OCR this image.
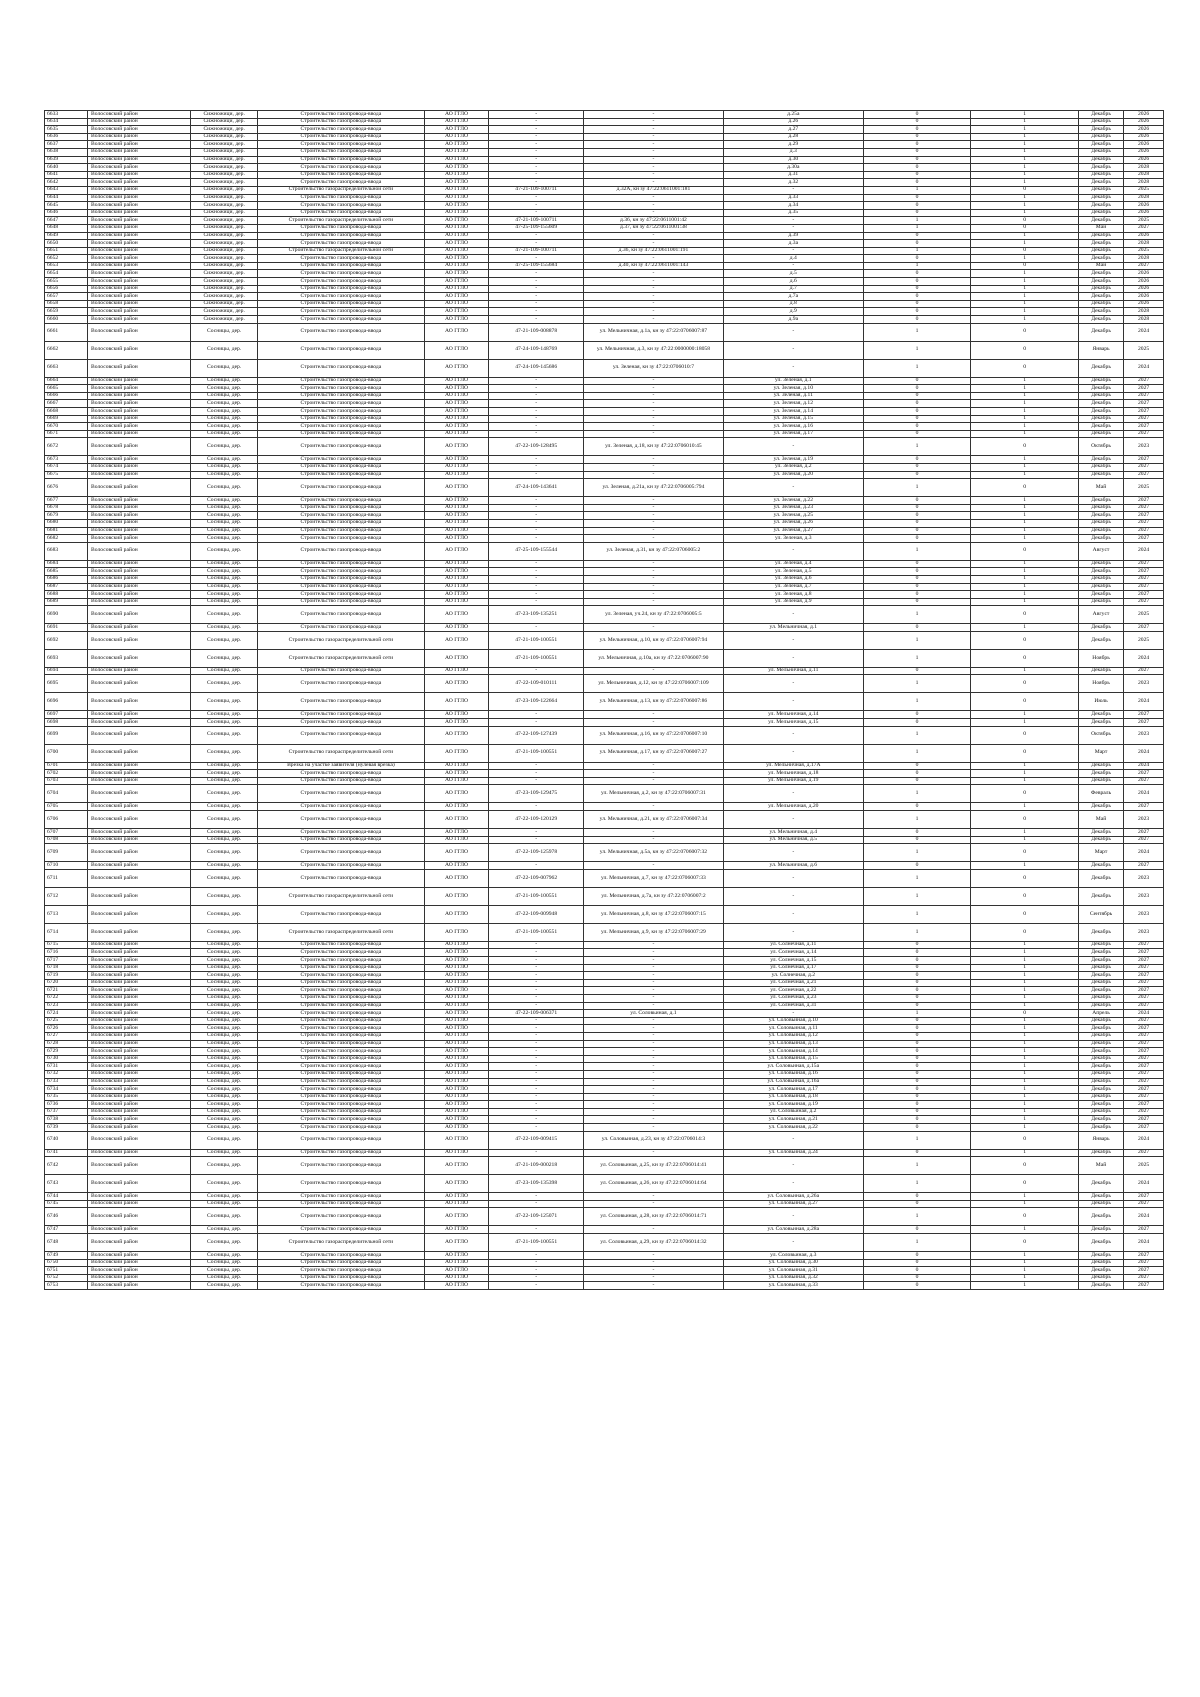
6633	Волосовский район	Сижножици, дер.	Строительство газопровода-ввода	АО ГГЛО	-	-	д.25а	0	1	Декабрь	2026
6634	Волосовский район	Сижножици, дер.	Строительство газопровода-ввода	АО ГГЛО	-	-	д.26	0	1	Декабрь	2026
6635	Волосовский район	Сижножици, дер.	Строительство газопровода-ввода	АО ГГЛО	-	-	д.27	0	1	Декабрь	2026
6636	Волосовский район	Сижножици, дер.	Строительство газопровода-ввода	АО ГГЛО	-	-	д.28	0	1	Декабрь	2026
6637	Волосовский район	Сижножици, дер.	Строительство газопровода-ввода	АО ГГЛО	-	-	д.29	0	1	Декабрь	2026
6638	Волосовский район	Сижножици, дер.	Строительство газопровода-ввода	АО ГГЛО	-	-	д.3	0	1	Декабрь	2026
6639	Волосовский район	Сижножици, дер.	Строительство газопровода-ввода	АО ГГЛО	-	-	д.30	0	1	Декабрь	2026
6640	Волосовский район	Сижножици, дер.	Строительство газопровода-ввода	АО ГГЛО	-	-	д.30а	0	1	Декабрь	2028
6641	Волосовский район	Сижножици, дер.	Строительство газопровода-ввода	АО ГГЛО	-	-	д.31	0	1	Декабрь	2028
6642	Волосовский район	Сижножици, дер.	Строительство газопровода-ввода	АО ГГЛО	-	-	д.32	0	1	Декабрь	2028
6643	Волосовский район	Сижножици, дер.	Строительство газораспределительной сети	АО ГГЛО	47-21-109-100711	д.32А, кн зу 47:22:0611001:181	-	1	0	Декабрь	2025
6644	Волосовский район	Сижножици, дер.	Строительство газопровода-ввода	АО ГГЛО	-	-	д.33	0	1	Декабрь	2028
6645	Волосовский район	Сижножици, дер.	Строительство газопровода-ввода	АО ГГЛО	-	-	д.34	0	1	Декабрь	2026
6646	Волосовский район	Сижножици, дер.	Строительство газопровода-ввода	АО ГГЛО	-	-	д.35	0	1	Декабрь	2026
6647	Волосовский район	Сижножици, дер.	Строительство газораспределительной сети	АО ГГЛО	47-21-109-100711	д.36, кн зу 47:22:0611001:42	-	1	0	Декабрь	2025
6648	Волосовский район	Сижножици, дер.	Строительство газопровода-ввода	АО ГГЛО	47-25-109-155609	д.37, кн зу 47:22:0611001:38	-	1	0	Май	2027
6649	Волосовский район	Сижножици, дер.	Строительство газопровода-ввода	АО ГГЛО	-	-	д.39	0	1	Декабрь	2026
6650	Волосовский район	Сижножици, дер.	Строительство газопровода-ввода	АО ГГЛО	-	-	д.3а	0	1	Декабрь	2028
6651	Волосовский район	Сижножици, дер.	Строительство газораспределительной сети	АО ГГЛО	47-21-109-100711	д.36, кн зу 47:22:0611001:191	-	1	0	Декабрь	2025
6652	Волосовский район	Сижножици, дер.	Строительство газопровода-ввода	АО ГГЛО	-	-	д.4	0	1	Декабрь	2028
6653	Волосовский район	Сижножици, дер.	Строительство газопровода-ввода	АО ГГЛО	47-25-109-155684	д.40, кн зу 47:22:0611001:143	-	1	0	Май	2027
6654	Волосовский район	Сижножици, дер.	Строительство газопровода-ввода	АО ГГЛО	-	-	д.5	0	1	Декабрь	2026
6655	Волосовский район	Сижножици, дер.	Строительство газопровода-ввода	АО ГГЛО	-	-	д.6	0	1	Декабрь	2026
6656	Волосовский район	Сижножици, дер.	Строительство газопровода-ввода	АО ГГЛО	-	-	д.7	0	1	Декабрь	2026
6657	Волосовский район	Сижножици, дер.	Строительство газопровода-ввода	АО ГГЛО	-	-	д.7а	0	1	Декабрь	2026
6658	Волосовский район	Сижножици, дер.	Строительство газопровода-ввода	АО ГГЛО	-	-	д.8	0	1	Декабрь	2026
6659	Волосовский район	Сижножици, дер.	Строительство газопровода-ввода	АО ГГЛО	-	-	д.9	0	1	Декабрь	2028
6660	Волосовский район	Сижножици, дер.	Строительство газопровода-ввода	АО ГГЛО	-	-	д.9а	0	1	Декабрь	2028
6661	Волосовский район	Сосницы, дер.	Строительство газопровода-ввода	АО ГГЛО	47-21-109-008878	ул. Мельничная, д.1а, кн зу 47:22:0706007:87	-	1	0	Декабрь	2024
6662	Волосовский район	Сосницы, дер.	Строительство газопровода-ввода	АО ГГЛО	47-24-109-148769	ул. Мельничная, д.3, кн зу 47:22:0000000:18058	-	1	0	Январь	2025
6663	Волосовский район	Сосницы, дер.	Строительство газопровода-ввода	АО ГГЛО	47-24-109-145686	ул. Зеленая, кн зу 47:22:0706010:7	-	1	0	Декабрь	2024
6664	Волосовский район	Сосницы, дер.	Строительство газопровода-ввода	АО ГГЛО	-	-	ул. Зеленая, д.1	0	1	Декабрь	2027
6665	Волосовский район	Сосницы, дер.	Строительство газопровода-ввода	АО ГГЛО	-	-	ул. Зеленая, д.10	0	1	Декабрь	2027
6666	Волосовский район	Сосницы, дер.	Строительство газопровода-ввода	АО ГГЛО	-	-	ул. Зеленая, д.11	0	1	Декабрь	2027
6667	Волосовский район	Сосницы, дер.	Строительство газопровода-ввода	АО ГГЛО	-	-	ул. Зеленая, д.12	0	1	Декабрь	2027
6668	Волосовский район	Сосницы, дер.	Строительство газопровода-ввода	АО ГГЛО	-	-	ул. Зеленая, д.14	0	1	Декабрь	2027
6669	Волосовский район	Сосницы, дер.	Строительство газопровода-ввода	АО ГГЛО	-	-	ул. Зеленая, д.15	0	1	Декабрь	2027
6670	Волосовский район	Сосницы, дер.	Строительство газопровода-ввода	АО ГГЛО	-	-	ул. Зеленая, д.16	0	1	Декабрь	2027
6671	Волосовский район	Сосницы, дер.	Строительство газопровода-ввода	АО ГГЛО	-	-	ул. Зеленая, д.17	0	1	Декабрь	2027
6672	Волосовский район	Сосницы, дер.	Строительство газопровода-ввода	АО ГГЛО	47-22-109-128495	ул. Зеленая, д.18, кн зу 47:22:0706010:45	-	1	0	Октябрь	2023
6673	Волосовский район	Сосницы, дер.	Строительство газопровода-ввода	АО ГГЛО	-	-	ул. Зеленая, д.19	0	1	Декабрь	2027
6674	Волосовский район	Сосницы, дер.	Строительство газопровода-ввода	АО ГГЛО	-	-	ул. Зеленая, д.2	0	1	Декабрь	2027
6675	Волосовский район	Сосницы, дер.	Строительство газопровода-ввода	АО ГГЛО	-	-	ул. Зеленая, д.20	0	1	Декабрь	2027
6676	Волосовский район	Сосницы, дер.	Строительство газопровода-ввода	АО ГГЛО	47-24-109-143641	ул. Зеленая, д.21а, кн зу 47:22:0706005:794	-	1	0	Май	2025
6677	Волосовский район	Сосницы, дер.	Строительство газопровода-ввода	АО ГГЛО	-	-	ул. Зеленая, д.22	0	1	Декабрь	2027
6678	Волосовский район	Сосницы, дер.	Строительство газопровода-ввода	АО ГГЛО	-	-	ул. Зеленая, д.23	0	1	Декабрь	2027
6679	Волосовский район	Сосницы, дер.	Строительство газопровода-ввода	АО ГГЛО	-	-	ул. Зеленая, д.25	0	1	Декабрь	2027
6680	Волосовский район	Сосницы, дер.	Строительство газопровода-ввода	АО ГГЛО	-	-	ул. Зеленая, д.26	0	1	Декабрь	2027
6681	Волосовский район	Сосницы, дер.	Строительство газопровода-ввода	АО ГГЛО	-	-	ул. Зеленая, д.27	0	1	Декабрь	2027
6682	Волосовский район	Сосницы, дер.	Строительство газопровода-ввода	АО ГГЛО	-	-	ул. Зеленая, д.3	0	1	Декабрь	2027
6683	Волосовский район	Сосницы, дер.	Строительство газопровода-ввода	АО ГГЛО	47-25-109-155544	ул. Зеленая, д.31, кн зу 47:22:0706005:2	-	1	0	Август	2024
6684	Волосовский район	Сосницы, дер.	Строительство газопровода-ввода	АО ГГЛО	-	-	ул. Зеленая, д.4	0	1	Декабрь	2027
6685	Волосовский район	Сосницы, дер.	Строительство газопровода-ввода	АО ГГЛО	-	-	ул. Зеленая, д.5	0	1	Декабрь	2027
6686	Волосовский район	Сосницы, дер.	Строительство газопровода-ввода	АО ГГЛО	-	-	ул. Зеленая, д.6	0	1	Декабрь	2027
6687	Волосовский район	Сосницы, дер.	Строительство газопровода-ввода	АО ГГЛО	-	-	ул. Зеленая, д.7	0	1	Декабрь	2027
6688	Волосовский район	Сосницы, дер.	Строительство газопровода-ввода	АО ГГЛО	-	-	ул. Зеленая, д.8	0	1	Декабрь	2027
6689	Волосовский район	Сосницы, дер.	Строительство газопровода-ввода	АО ГГЛО	-	-	ул. Зеленая, д.9	0	1	Декабрь	2027
6690	Волосовский район	Сосницы, дер.	Строительство газопровода-ввода	АО ГГЛО	47-23-109-135251	ул. Зеленая, уч.24, кн зу 47:22:0706005:5	-	1	0	Август	2025
6691	Волосовский район	Сосницы, дер.	Строительство газопровода-ввода	АО ГГЛО	-	-	ул. Мельничная, д.1	0	1	Декабрь	2027
6692	Волосовский район	Сосницы, дер.	Строительство газораспределительной сети	АО ГГЛО	47-21-109-100551	ул. Мельничная, д.10, кн зу 47:22:0706007:94	-	1	0	Декабрь	2025
6693	Волосовский район	Сосницы, дер.	Строительство газораспределительной сети	АО ГГЛО	47-21-109-100551	ул. Мельничная, д.10а, кн зу 47:22:0706007:90	-	1	0	Ноябрь	2024
6694	Волосовский район	Сосницы, дер.	Строительство газопровода-ввода	АО ГГЛО	-	-	ул. Мельничная, д.11	0	1	Декабрь	2027
6695	Волосовский район	Сосницы, дер.	Строительство газопровода-ввода	АО ГГЛО	47-22-109-010111	ул. Мельничная, д.12, кн зу 47:22:0706007:109	-	1	0	Ноябрь	2023
6696	Волосовский район	Сосницы, дер.	Строительство газопровода-ввода	АО ГГЛО	47-23-109-122664	ул. Мельничная, д.13, кн зу 47:22:0706007:86	-	1	0	Июль	2024
6697	Волосовский район	Сосницы, дер.	Строительство газопровода-ввода	АО ГГЛО	-	-	ул. Мельничная, д.14	0	1	Декабрь	2027
6698	Волосовский район	Сосницы, дер.	Строительство газопровода-ввода	АО ГГЛО	-	-	ул. Мельничная, д.15	0	1	Декабрь	2027
6699	Волосовский район	Сосницы, дер.	Строительство газопровода-ввода	АО ГГЛО	47-22-109-127439	ул. Мельничная, д.16, кн зу 47:22:0706007:10	-	1	0	Октябрь	2023
6700	Волосовский район	Сосницы, дер.	Строительство газораспределительной сети	АО ГГЛО	47-21-109-100551	ул. Мельничная, д.17, кн зу 47:22:0706007:27	-	1	0	Март	2024
6701	Волосовский район	Сосницы, дер.	Врезка на участке заявителя (нулевая врезка)	АО ГГЛО	-	-	ул. Мельничная, д.17А	0	1	Декабрь	2024
6702	Волосовский район	Сосницы, дер.	Строительство газопровода-ввода	АО ГГЛО	-	-	ул. Мельничная, д.18	0	1	Декабрь	2027
6703	Волосовский район	Сосницы, дер.	Строительство газопровода-ввода	АО ГГЛО	-	-	ул. Мельничная, д.19	0	1	Декабрь	2027
6704	Волосовский район	Сосницы, дер.	Строительство газопровода-ввода	АО ГГЛО	47-23-109-129475	ул. Мельничная, д.2, кн зу 47:22:0706007:31	-	1	0	Февраль	2024
6705	Волосовский район	Сосницы, дер.	Строительство газопровода-ввода	АО ГГЛО	-	-	ул. Мельничная, д.20	0	1	Декабрь	2027
6706	Волосовский район	Сосницы, дер.	Строительство газопровода-ввода	АО ГГЛО	47-22-109-120129	ул. Мельничная, д.21, кн зу 47:22:0706007:34	-	1	0	Май	2023
6707	Волосовский район	Сосницы, дер.	Строительство газопровода-ввода	АО ГГЛО	-	-	ул. Мельничная, д.4	0	1	Декабрь	2027
6708	Волосовский район	Сосницы, дер.	Строительство газопровода-ввода	АО ГГЛО	-	-	ул. Мельничная, д.5	0	1	Декабрь	2027
6709	Волосовский район	Сосницы, дер.	Строительство газопровода-ввода	АО ГГЛО	47-22-109-125978	ул. Мельничная, д.5а, кн зу 47:22:0706007:32	-	1	0	Март	2024
6710	Волосовский район	Сосницы, дер.	Строительство газопровода-ввода	АО ГГЛО	-	-	ул. Мельничная, д.6	0	1	Декабрь	2027
6711	Волосовский район	Сосницы, дер.	Строительство газопровода-ввода	АО ГГЛО	47-22-109-007962	ул. Мельничная, д.7, кн зу 47:22:0706007:33	-	1	0	Декабрь	2023
6712	Волосовский район	Сосницы, дер.	Строительство газораспределительной сети	АО ГГЛО	47-21-109-100551	ул. Мельничная, д.7а, кн зу 47:22:0706007:2	-	1	0	Декабрь	2023
6713	Волосовский район	Сосницы, дер.	Строительство газопровода-ввода	АО ГГЛО	47-22-109-009948	ул. Мельничная, д.8, кн зу 47:22:0706007:15	-	1	0	Сентябрь	2023
6714	Волосовский район	Сосницы, дер.	Строительство газораспределительной сети	АО ГГЛО	47-21-109-100551	ул. Мельничная, д.9, кн зу 47:22:0706007:29	-	1	0	Декабрь	2023
6715	Волосовский район	Сосницы, дер.	Строительство газопровода-ввода	АО ГГЛО	-	-	ул. Солнечная, д.11	0	1	Декабрь	2027
6716	Волосовский район	Сосницы, дер.	Строительство газопровода-ввода	АО ГГЛО	-	-	ул. Солнечная, д.14	0	1	Декабрь	2027
6717	Волосовский район	Сосницы, дер.	Строительство газопровода-ввода	АО ГГЛО	-	-	ул. Солнечная, д.15	0	1	Декабрь	2027
6718	Волосовский район	Сосницы, дер.	Строительство газопровода-ввода	АО ГГЛО	-	-	ул. Солнечная, д.17	0	1	Декабрь	2027
6719	Волосовский район	Сосницы, дер.	Строительство газопровода-ввода	АО ГГЛО	-	-	ул. Солнечная, д.2	0	1	Декабрь	2027
6720	Волосовский район	Сосницы, дер.	Строительство газопровода-ввода	АО ГГЛО	-	-	ул. Солнечная, д.21	0	1	Декабрь	2027
6721	Волосовский район	Сосницы, дер.	Строительство газопровода-ввода	АО ГГЛО	-	-	ул. Солнечная, д.22	0	1	Декабрь	2027
6722	Волосовский район	Сосницы, дер.	Строительство газопровода-ввода	АО ГГЛО	-	-	ул. Солнечная, д.23	0	1	Декабрь	2027
6723	Волосовский район	Сосницы, дер.	Строительство газопровода-ввода	АО ГГЛО	-	-	ул. Солнечная, д.31	0	1	Декабрь	2027
6724	Волосовский район	Сосницы, дер.	Строительство газопровода-ввода	АО ГГЛО	47-22-109-006371	ул. Соловьиная, д.1	-	1	0	Апрель	2024
6725	Волосовский район	Сосницы, дер.	Строительство газопровода-ввода	АО ГГЛО	-	-	ул. Соловьиная, д.10	0	1	Декабрь	2027
6726	Волосовский район	Сосницы, дер.	Строительство газопровода-ввода	АО ГГЛО	-	-	ул. Соловьиная, д.11	0	1	Декабрь	2027
6727	Волосовский район	Сосницы, дер.	Строительство газопровода-ввода	АО ГГЛО	-	-	ул. Соловьиная, д.12	0	1	Декабрь	2027
6728	Волосовский район	Сосницы, дер.	Строительство газопровода-ввода	АО ГГЛО	-	-	ул. Соловьиная, д.13	0	1	Декабрь	2027
6729	Волосовский район	Сосницы, дер.	Строительство газопровода-ввода	АО ГГЛО	-	-	ул. Соловьиная, д.14	0	1	Декабрь	2027
6730	Волосовский район	Сосницы, дер.	Строительство газопровода-ввода	АО ГГЛО	-	-	ул. Соловьиная, д.15	0	1	Декабрь	2027
6731	Волосовский район	Сосницы, дер.	Строительство газопровода-ввода	АО ГГЛО	-	-	ул. Соловьиная, д.15а	0	1	Декабрь	2027
6732	Волосовский район	Сосницы, дер.	Строительство газопровода-ввода	АО ГГЛО	-	-	ул. Соловьиная, д.16	0	1	Декабрь	2027
6733	Волосовский район	Сосницы, дер.	Строительство газопровода-ввода	АО ГГЛО	-	-	ул. Соловьиная, д.16а	0	1	Декабрь	2027
6734	Волосовский район	Сосницы, дер.	Строительство газопровода-ввода	АО ГГЛО	-	-	ул. Соловьиная, д.17	0	1	Декабрь	2027
6735	Волосовский район	Сосницы, дер.	Строительство газопровода-ввода	АО ГГЛО	-	-	ул. Соловьиная, д.18	0	1	Декабрь	2027
6736	Волосовский район	Сосницы, дер.	Строительство газопровода-ввода	АО ГГЛО	-	-	ул. Соловьиная, д.19	0	1	Декабрь	2027
6737	Волосовский район	Сосницы, дер.	Строительство газопровода-ввода	АО ГГЛО	-	-	ул. Соловьиная, д.2	0	1	Декабрь	2027
6738	Волосовский район	Сосницы, дер.	Строительство газопровода-ввода	АО ГГЛО	-	-	ул. Соловьиная, д.21	0	1	Декабрь	2027
6739	Волосовский район	Сосницы, дер.	Строительство газопровода-ввода	АО ГГЛО	-	-	ул. Соловьиная, д.22	0	1	Декабрь	2027
6740	Волосовский район	Сосницы, дер.	Строительство газопровода-ввода	АО ГГЛО	47-22-109-009415	ул. Соловьиная, д.23, кн зу 47:22:0706014:3	-	1	0	Январь	2024
6741	Волосовский район	Сосницы, дер.	Строительство газопровода-ввода	АО ГГЛО	-	-	ул. Соловьиная, д.24	0	1	Декабрь	2027
6742	Волосовский район	Сосницы, дер.	Строительство газопровода-ввода	АО ГГЛО	47-21-109-000218	ул. Соловьиная, д.25, кн зу 47:22:0706014:41	-	1	0	Май	2025
6743	Волосовский район	Сосницы, дер.	Строительство газопровода-ввода	АО ГГЛО	47-23-109-135398	ул. Соловьиная, д.26, кн зу 47:22:0706014:64	-	1	0	Декабрь	2024
6744	Волосовский район	Сосницы, дер.	Строительство газопровода-ввода	АО ГГЛО	-	-	ул. Соловьиная, д.26а	0	1	Декабрь	2027
6745	Волосовский район	Сосницы, дер.	Строительство газопровода-ввода	АО ГГЛО	-	-	ул. Соловьиная, д.27	0	1	Декабрь	2027
6746	Волосовский район	Сосницы, дер.	Строительство газопровода-ввода	АО ГГЛО	47-22-109-125071	ул. Соловьиная, д.28, кн зу 47:22:0706014:71	-	1	0	Декабрь	2024
6747	Волосовский район	Сосницы, дер.	Строительство газопровода-ввода	АО ГГЛО	-	-	ул. Соловьиная, д.28а	0	1	Декабрь	2027
6748	Волосовский район	Сосницы, дер.	Строительство газораспределительной сети	АО ГГЛО	47-21-109-100551	ул. Соловьиная, д.29, кн зу 47:22:0706014:32	-	1	0	Декабрь	2024
6749	Волосовский район	Сосницы, дер.	Строительство газопровода-ввода	АО ГГЛО	-	-	ул. Соловьиная, д.3	0	1	Декабрь	2027
6750	Волосовский район	Сосницы, дер.	Строительство газопровода-ввода	АО ГГЛО	-	-	ул. Соловьиная, д.30	0	1	Декабрь	2027
6751	Волосовский район	Сосницы, дер.	Строительство газопровода-ввода	АО ГГЛО	-	-	ул. Соловьиная, д.31	0	1	Декабрь	2027
6752	Волосовский район	Сосницы, дер.	Строительство газопровода-ввода	АО ГГЛО	-	-	ул. Соловьиная, д.32	0	1	Декабрь	2027
6753	Волосовский район	Сосницы, дер.	Строительство газопровода-ввода	АО ГГЛО	-	-	ул. Соловьиная, д.33	0	1	Декабрь	2027
